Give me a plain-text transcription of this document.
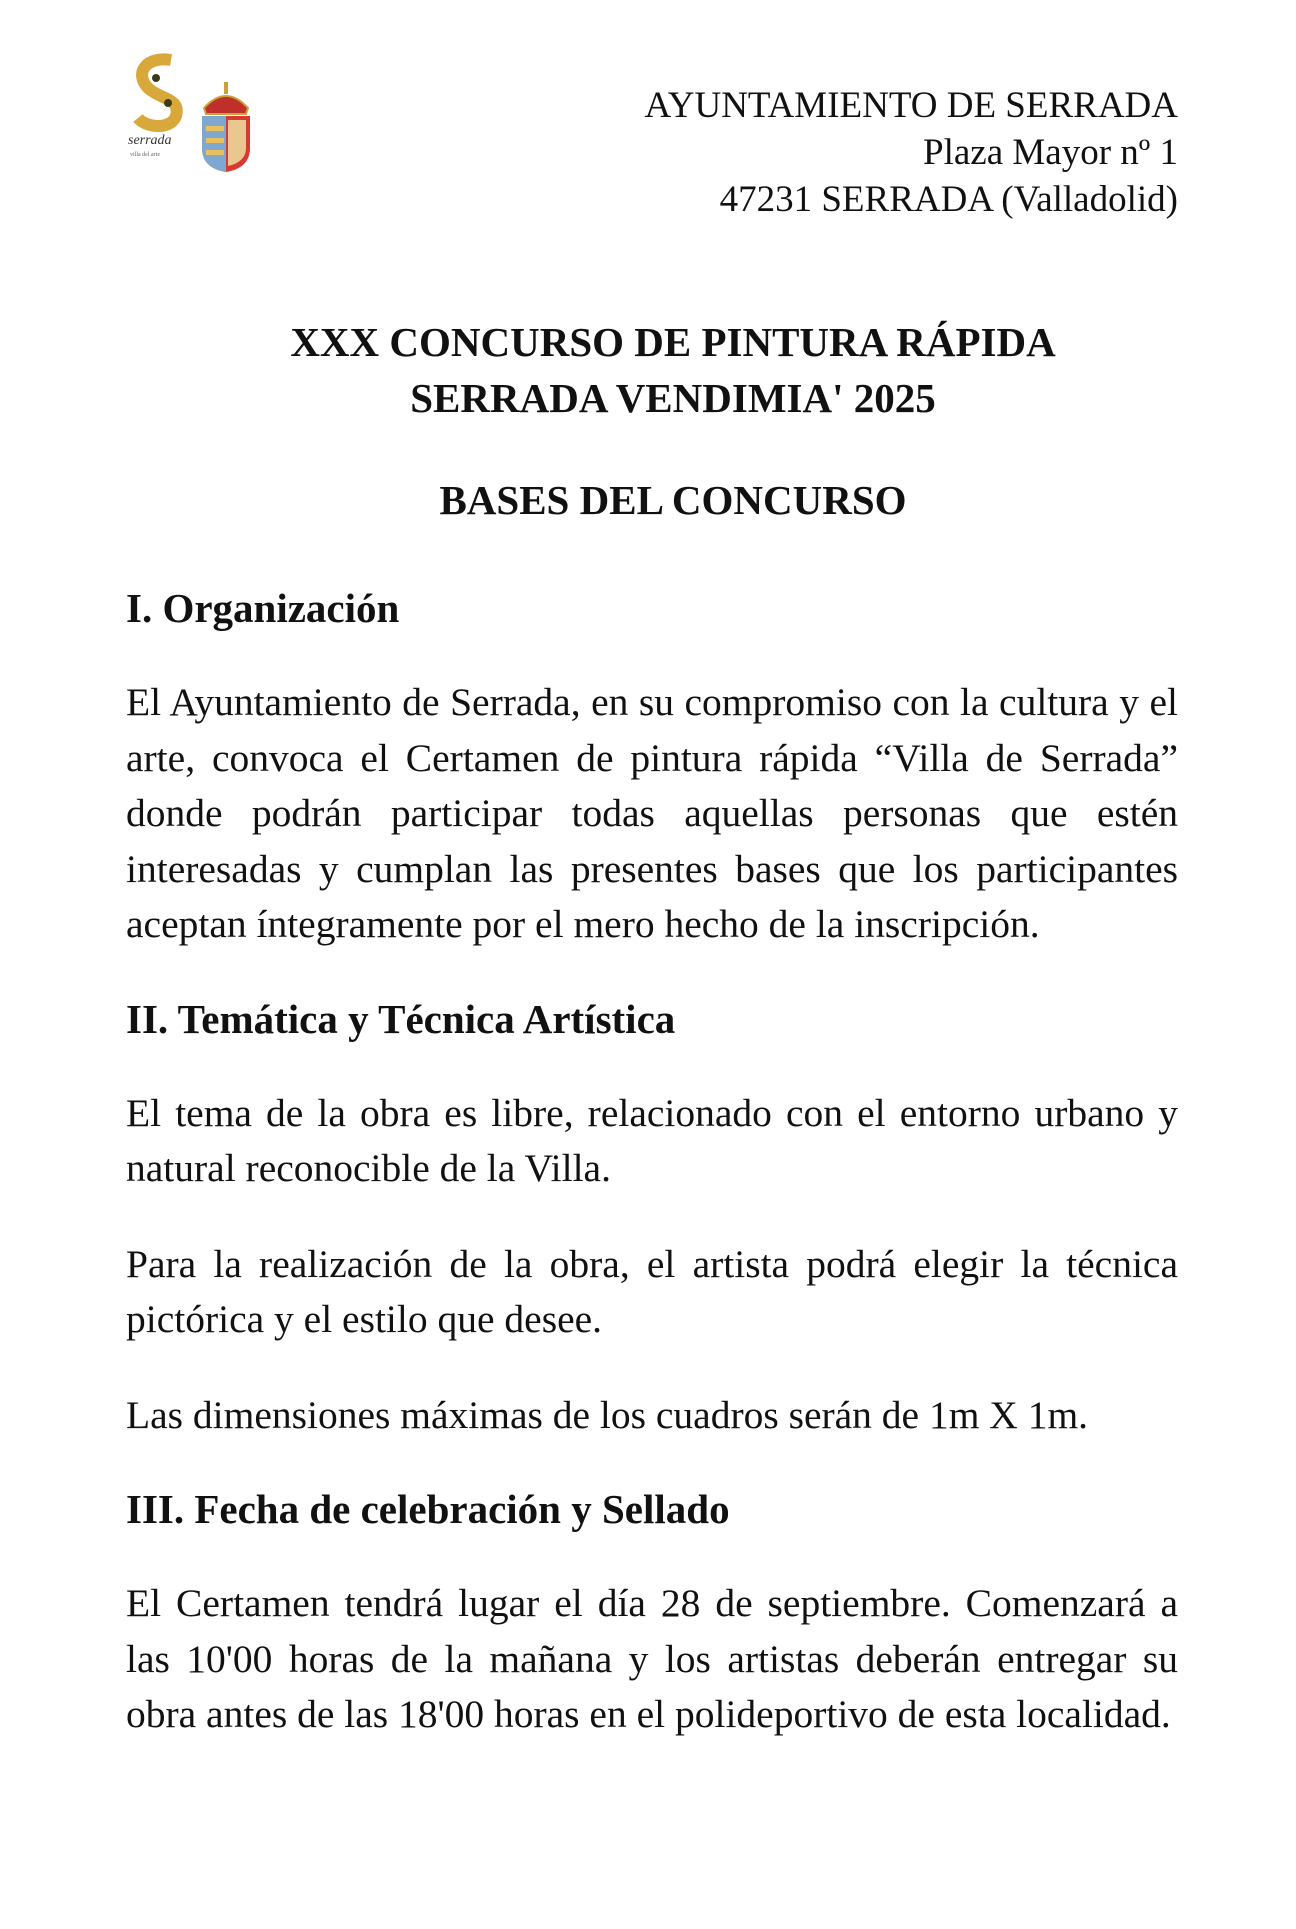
serrada
villa del arte
AYUNTAMIENTO DE SERRADA
Plaza Mayor nº 1
47231 SERRADA (Valladolid)
XXX CONCURSO DE PINTURA RÁPIDA
SERRADA VENDIMIA' 2025
BASES DEL CONCURSO
I. Organización

El Ayuntamiento de Serrada, en su compromiso con la cultura y el arte, convoca el Certamen de pintura rápida “Villa de Serrada” donde podrán participar todas aquellas personas que estén interesadas y cumplan las presentes bases que los participantes aceptan íntegramente por el mero hecho de la inscripción.

II. Temática y Técnica Artística

El tema de la obra es libre, relacionado con el entorno urbano y natural reconocible de la Villa.

Para la realización de la obra, el artista podrá elegir la técnica pictórica y el estilo que desee.

Las dimensiones máximas de los cuadros serán de 1m X 1m.

III. Fecha de celebración y Sellado

El Certamen tendrá lugar el día 28 de septiembre. Comenzará a las 10'00 horas de la mañana y los artistas deberán entregar su obra antes de las 18'00 horas en el polideportivo de esta localidad.
